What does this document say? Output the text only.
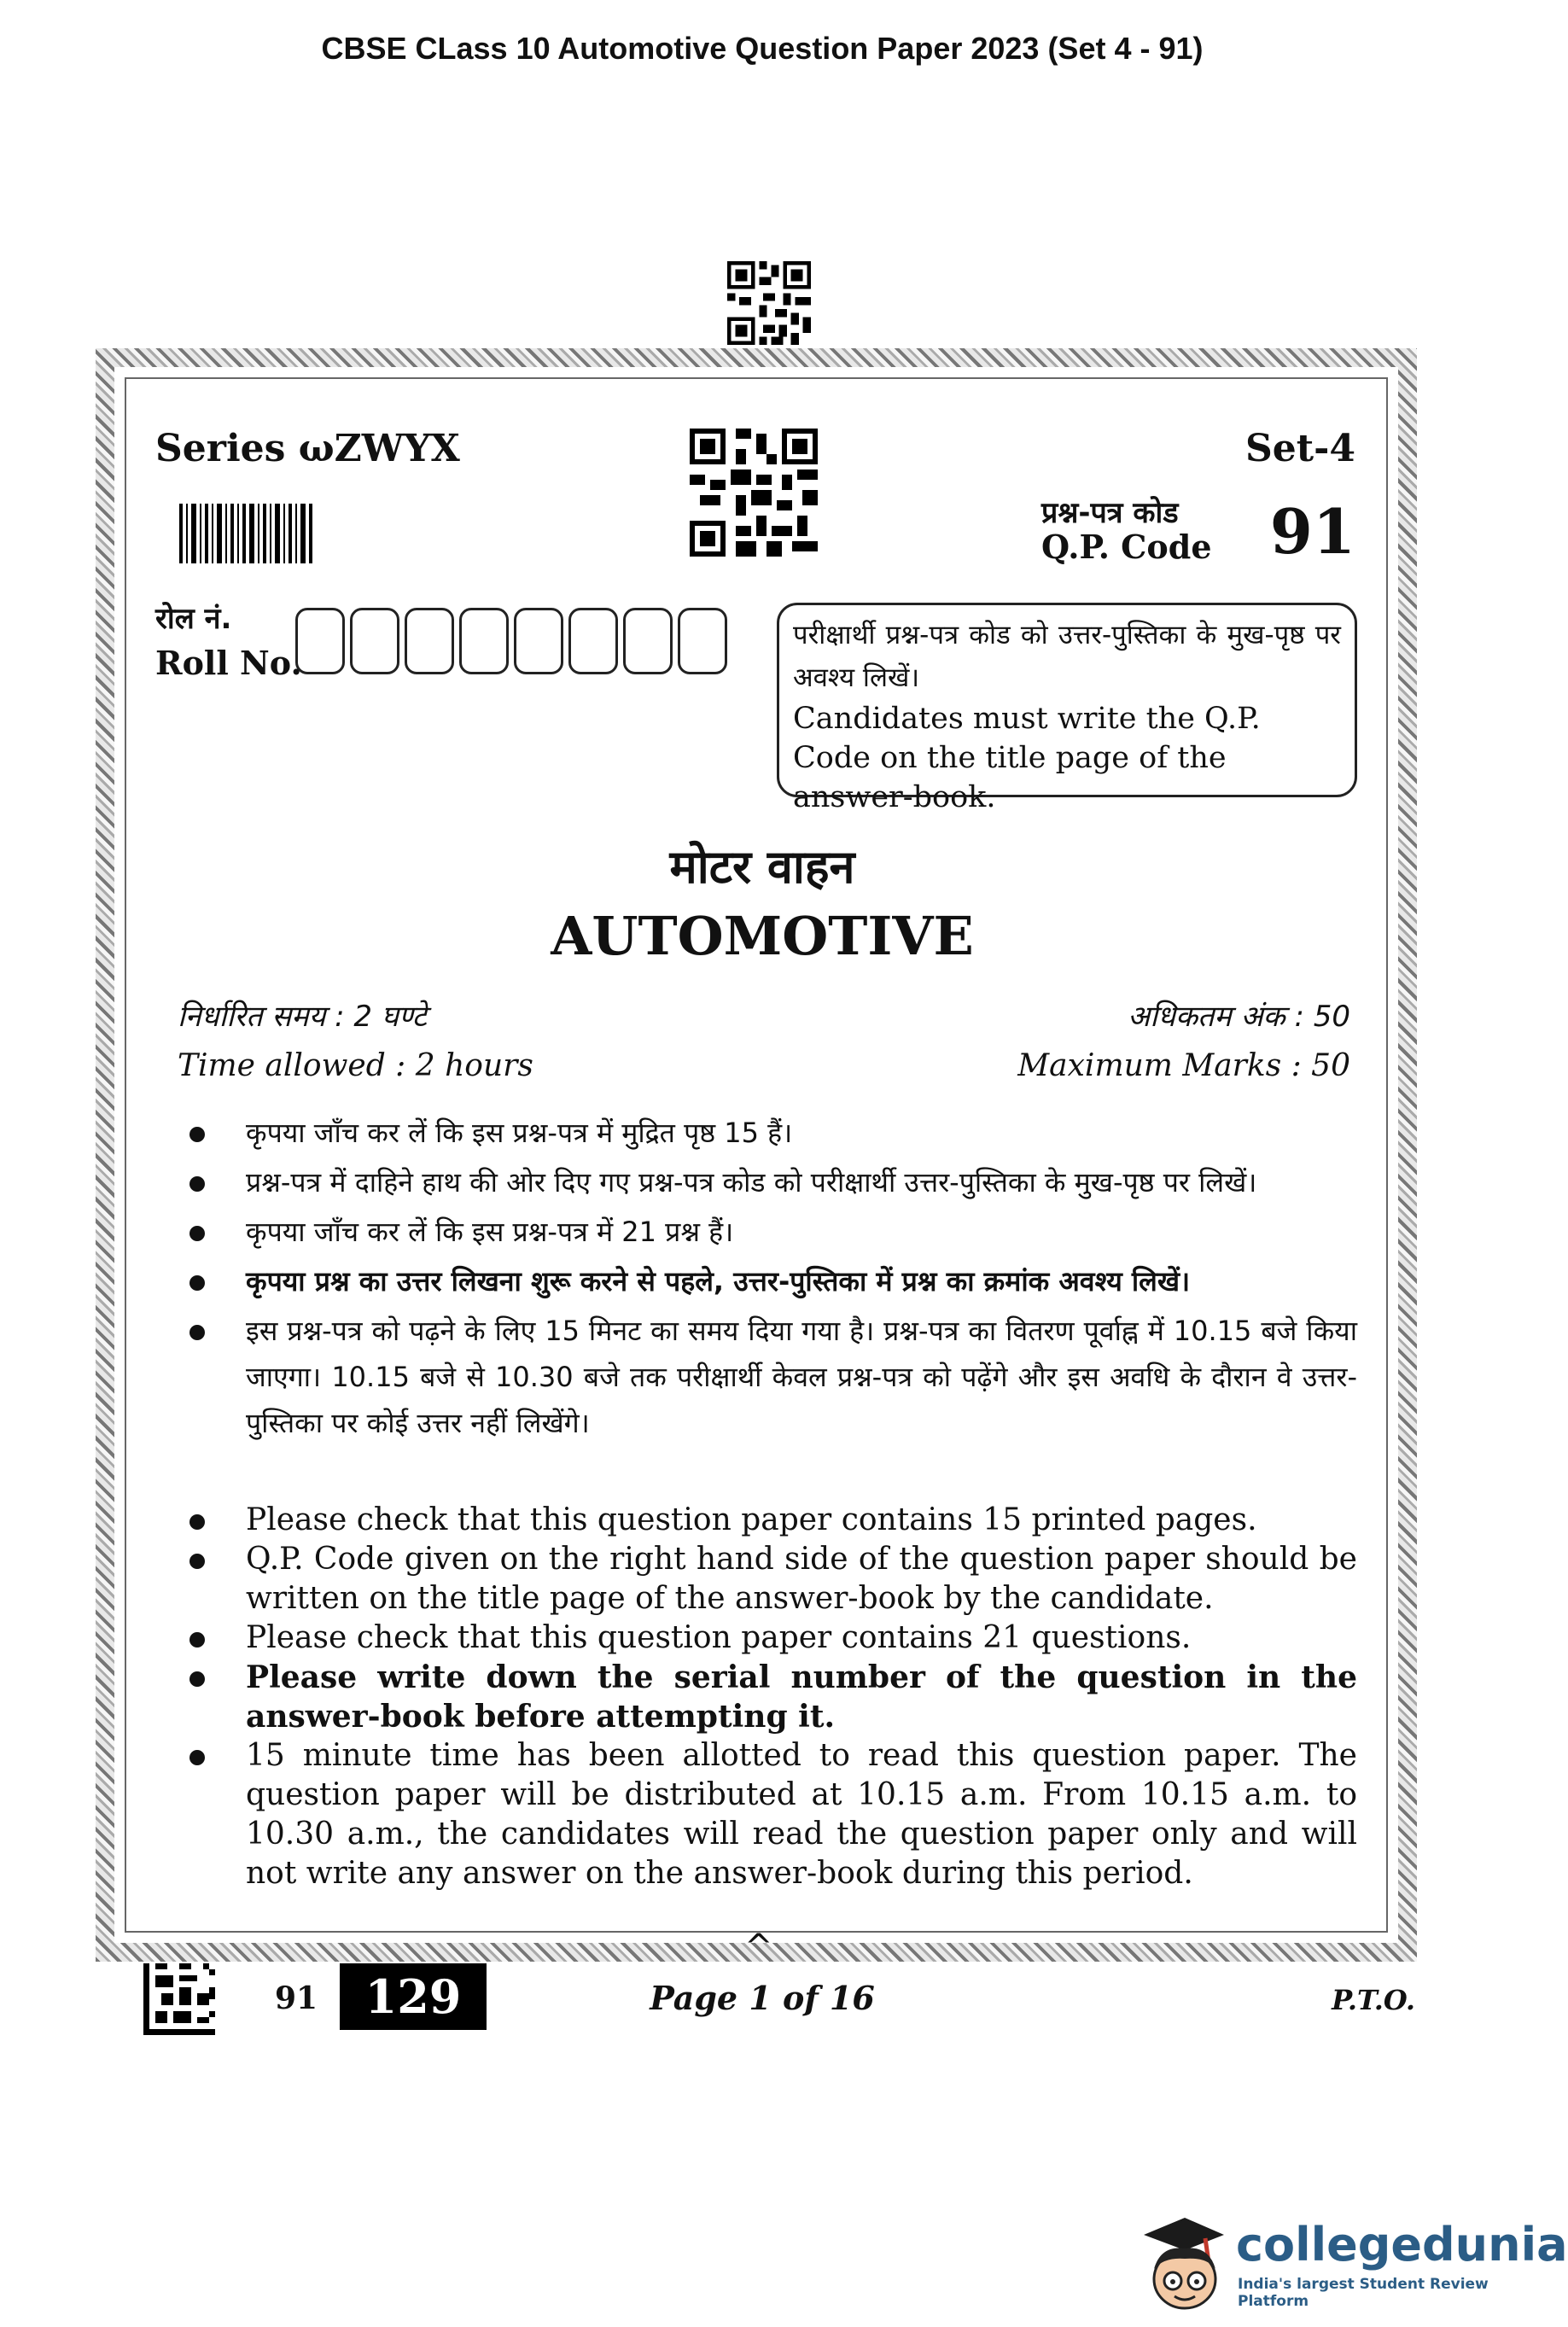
CBSE CLass 10 Automotive Question Paper 2023 (Set 4 - 91)
Series ωZWYX	Set-4
प्रश्न-पत्र कोड
Q.P. Code 91
रोल नं.
Roll No.
परीक्षार्थी प्रश्न-पत्र कोड को उत्तर-पुस्तिका के मुख-पृष्ठ पर अवश्य लिखें।
Candidates must write the Q.P. Code on the title page of the answer-book.
मोटर वाहन
AUTOMOTIVE
निर्धारित समय : 2 घण्टे
Time allowed : 2 hours
अधिकतम अंक : 50
Maximum Marks : 50
कृपया जाँच कर लें कि इस प्रश्न-पत्र में मुद्रित पृष्ठ 15 हैं।
प्रश्न-पत्र में दाहिने हाथ की ओर दिए गए प्रश्न-पत्र कोड को परीक्षार्थी उत्तर-पुस्तिका के मुख-पृष्ठ पर लिखें।
कृपया जाँच कर लें कि इस प्रश्न-पत्र में 21 प्रश्न हैं।
कृपया प्रश्न का उत्तर लिखना शुरू करने से पहले, उत्तर-पुस्तिका में प्रश्न का क्रमांक अवश्य लिखें।
इस प्रश्न-पत्र को पढ़ने के लिए 15 मिनट का समय दिया गया है। प्रश्न-पत्र का वितरण पूर्वाह्न में 10.15 बजे किया जाएगा। 10.15 बजे से 10.30 बजे तक परीक्षार्थी केवल प्रश्न-पत्र को पढ़ेंगे और इस अवधि के दौरान वे उत्तर-पुस्तिका पर कोई उत्तर नहीं लिखेंगे।
Please check that this question paper contains 15 printed pages.
Q.P. Code given on the right hand side of the question paper should be written on the title page of the answer-book by the candidate.
Please check that this question paper contains 21 questions.
Please write down the serial number of the question in the answer-book before attempting it.
15 minute time has been allotted to read this question paper. The question paper will be distributed at 10.15 a.m. From 10.15 a.m. to 10.30 a.m., the candidates will read the question paper only and will not write any answer on the answer-book during this period.
^
91	129	Page 1 of 16	P.T.O.
collegedunia
India's largest Student Review Platform
